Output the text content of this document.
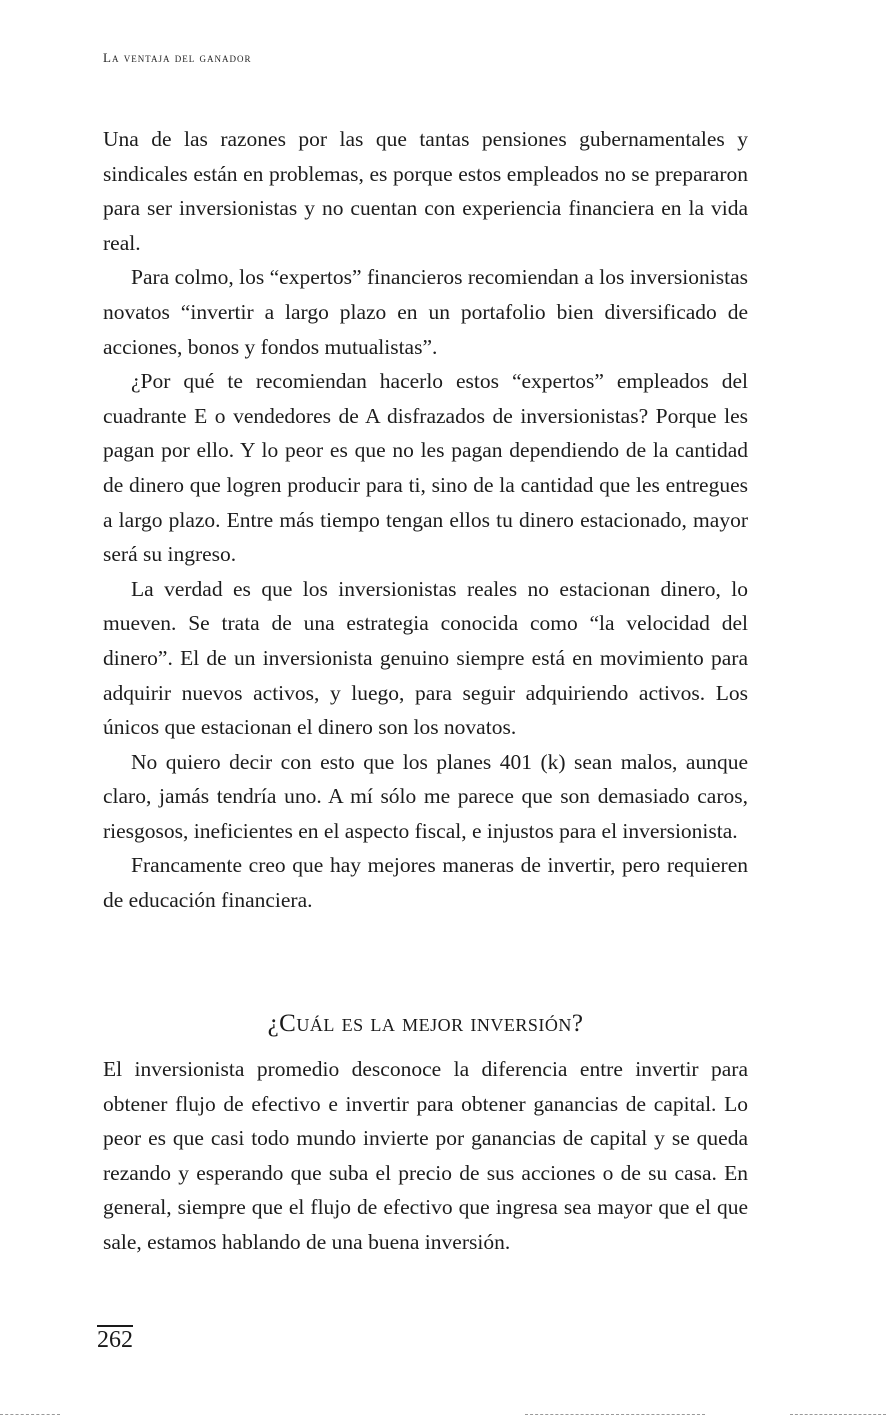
La ventaja del ganador

Una de las razones por las que tantas pensiones gubernamentales y sindicales están en problemas, es porque estos empleados no se prepararon para ser inversionistas y no cuentan con experiencia financiera en la vida real.

Para colmo, los “expertos” financieros recomiendan a los inversionistas novatos “invertir a largo plazo en un portafolio bien diversificado de acciones, bonos y fondos mutualistas”.

¿Por qué te recomiendan hacerlo estos “expertos” empleados del cuadrante E o vendedores de A disfrazados de inversionistas? Porque les pagan por ello. Y lo peor es que no les pagan dependiendo de la cantidad de dinero que logren producir para ti, sino de la cantidad que les entregues a largo plazo. Entre más tiempo tengan ellos tu dinero estacionado, mayor será su ingreso.

La verdad es que los inversionistas reales no estacionan dinero, lo mueven. Se trata de una estrategia conocida como “la velocidad del dinero”. El de un inversionista genuino siempre está en movimiento para adquirir nuevos activos, y luego, para seguir adquiriendo activos. Los únicos que estacionan el dinero son los novatos.

No quiero decir con esto que los planes 401 (k) sean malos, aunque claro, jamás tendría uno. A mí sólo me parece que son demasiado caros, riesgosos, ineficientes en el aspecto fiscal, e injustos para el inversionista.

Francamente creo que hay mejores maneras de invertir, pero requieren de educación financiera.

¿Cuál es la mejor inversión?

El inversionista promedio desconoce la diferencia entre invertir para obtener flujo de efectivo e invertir para obtener ganancias de capital. Lo peor es que casi todo mundo invierte por ganancias de capital y se queda rezando y esperando que suba el precio de sus acciones o de su casa. En general, siempre que el flujo de efectivo que ingresa sea mayor que el que sale, estamos hablando de una buena inversión.

262
